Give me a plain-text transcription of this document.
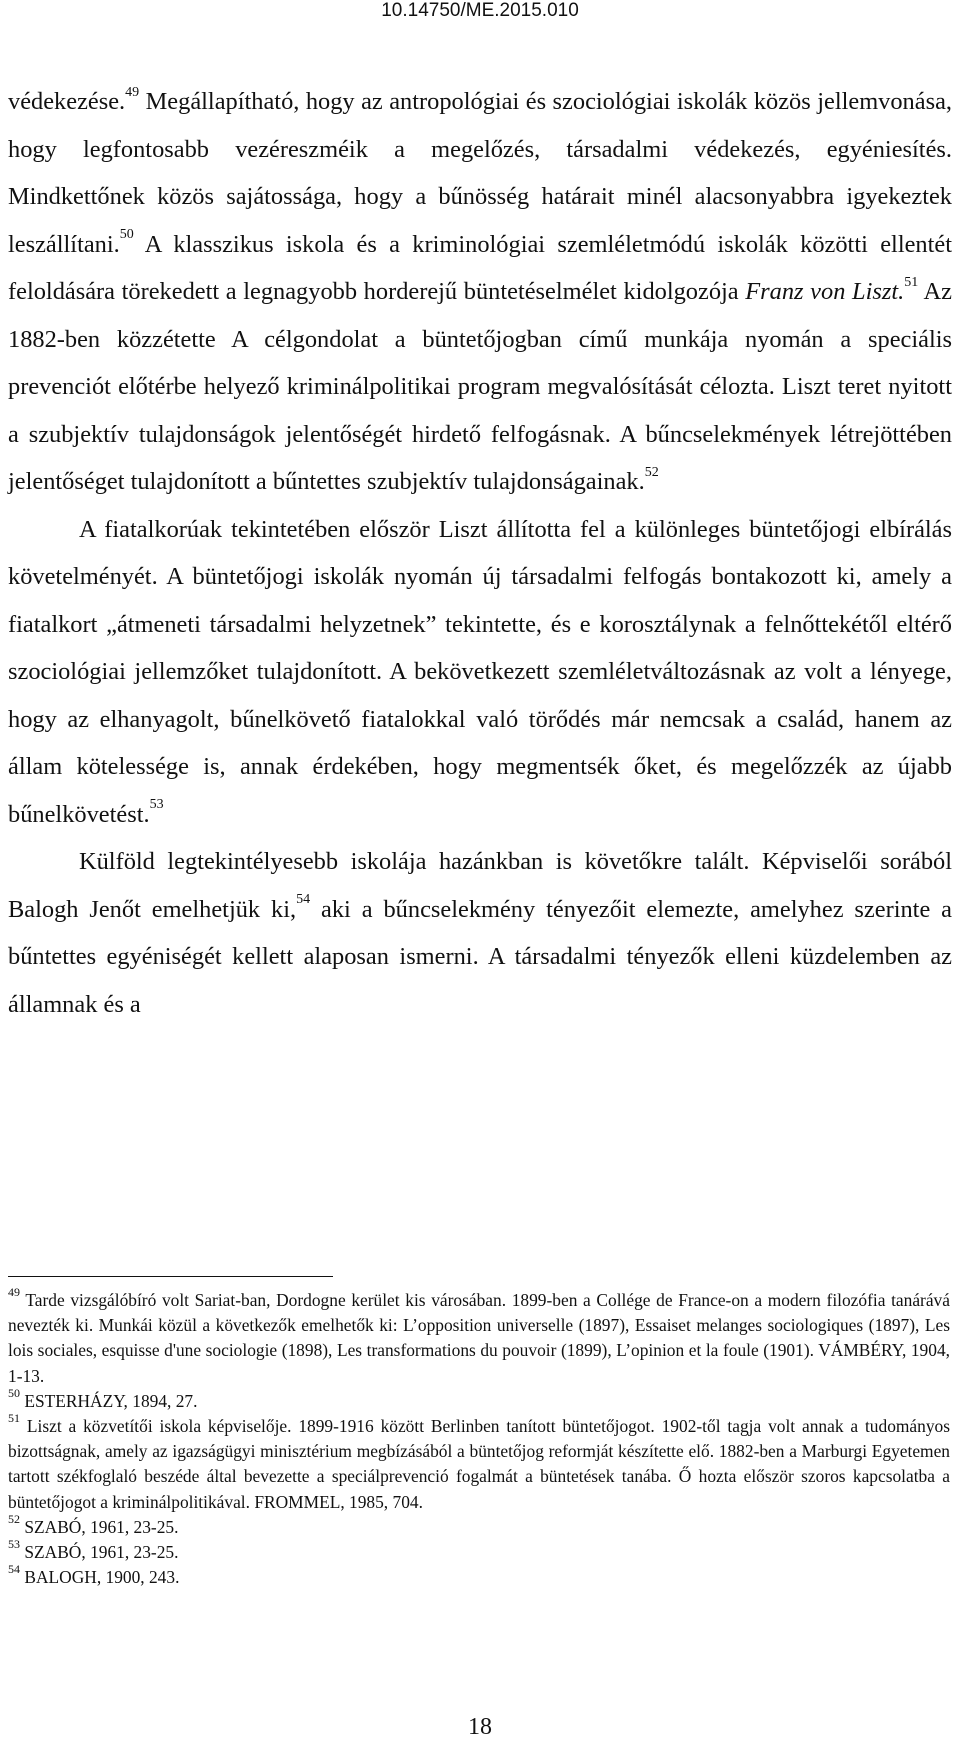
10.14750/ME.2015.010

védekezése.$^{49}$ Megállapítható, hogy az antropológiai és szociológiai iskolák közös jellemvonása, hogy legfontosabb vezéreszméik a megelőzés, társadalmi védekezés, egyéniesítés. Mindkettőnek közös sajátossága, hogy a bűnösség határait minél alacsonyabbra igyekeztek leszállítani.$^{50}$ A klasszikus iskola és a kriminológiai szemléletmódú iskolák közötti ellentét feloldására törekedett a legnagyobb horderejű büntetéselmélet kidolgozója Franz von Liszt.$^{51}$ Az 1882-ben közzétette A célgondolat a büntetőjogban című munkája nyomán a speciális prevenciót előtérbe helyező kriminálpolitikai program megvalósítását célozta. Liszt teret nyitott a szubjektív tulajdonságok jelentőségét hirdető felfogásnak. A bűncselekmények létrejöttében jelentőséget tulajdonított a bűntettes szubjektív tulajdonságainak.$^{52}$

A fiatalkorúak tekintetében először Liszt állította fel a különleges büntetőjogi elbírálás követelményét. A büntetőjogi iskolák nyomán új társadalmi felfogás bontakozott ki, amely a fiatalkort „átmeneti társadalmi helyzetnek” tekintette, és e korosztálynak a felnőttekétől eltérő szociológiai jellemzőket tulajdonított. A bekövetkezett szemléletváltozásnak az volt a lényege, hogy az elhanyagolt, bűnelkövető fiatalokkal való törődés már nemcsak a család, hanem az állam kötelessége is, annak érdekében, hogy megmentsék őket, és megelőzzék az újabb bűnelkövetést.$^{53}$

Külföld legtekintélyesebb iskolája hazánkban is követőkre talált. Képviselői sorából Balogh Jenőt emelhetjük ki,$^{54}$ aki a bűncselekmény tényezőit elemezte, amelyhez szerinte a bűntettes egyéniségét kellett alaposan ismerni. A társadalmi tényezők elleni küzdelemben az államnak és a

$^{49}$ Tarde vizsgálóbíró volt Sariat-ban, Dordogne kerület kis városában. 1899-ben a Collége de France-on a modern filozófia tanárává nevezték ki. Munkái közül a következők emelhetők ki: L’opposition universelle (1897), Essaiset melanges sociologiques (1897), Les lois sociales, esquisse d'une sociologie (1898), Les transformations du pouvoir (1899), L’opinion et la foule (1901). VÁMBÉRY, 1904, 1-13.

$^{50}$ ESTERHÁZY, 1894, 27.

$^{51}$ Liszt a közvetítői iskola képviselője. 1899-1916 között Berlinben tanított büntetőjogot. 1902-től tagja volt annak a tudományos bizottságnak, amely az igazságügyi minisztérium megbízásából a büntetőjog reformját készítette elő. 1882-ben a Marburgi Egyetemen tartott székfoglaló beszéde által bevezette a speciálprevenció fogalmát a büntetések tanába. Ő hozta először szoros kapcsolatba a büntetőjogot a kriminálpolitikával. FROMMEL, 1985, 704.

$^{52}$ SZABÓ, 1961, 23-25.

$^{53}$ SZABÓ, 1961, 23-25.

$^{54}$ BALOGH, 1900, 243.

18
